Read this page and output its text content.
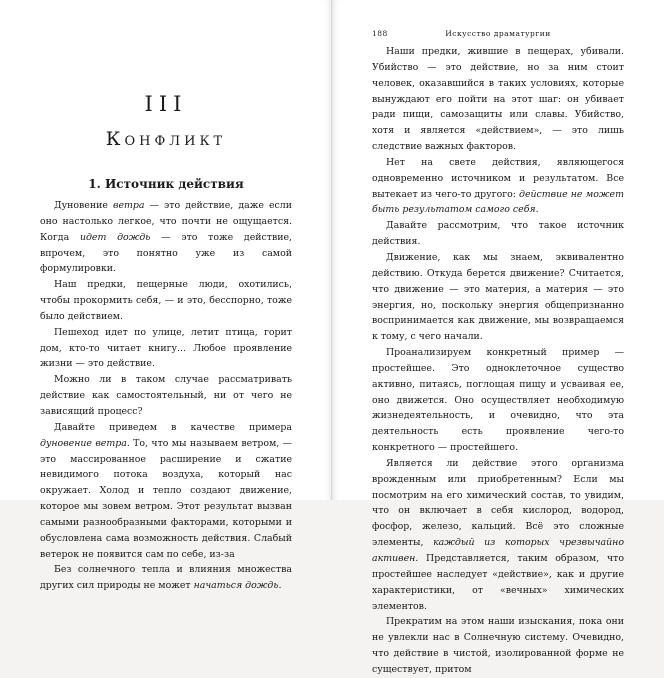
III
Конфликт
1. Источник действия

Дуновение ветра — это действие, даже если оно настолько легкое, что почти не ощущается. Когда идет дождь — это тоже действие, впрочем, это понятно уже из самой формулировки.

Наш предки, пещерные люди, охотились, чтобы прокормить себя, — и это, бесспорно, тоже было действием.

Пешеход идет по улице, летит птица, горит дом, кто-то читает книгу... Любое проявление жизни — это действие.

Можно ли в таком случае рассматривать действие как самостоятельный, ни от чего не зависящий процесс?

Давайте приведем в качестве примера дуновение ветра. То, что мы называем ветром, — это массированное расширение и сжатие невидимого потока воздуха, который нас окружает. Холод и тепло создают движение, которое мы зовем ветром. Этот результат вызван самыми разнообразными факторами, которыми и обусловлена сама возможность действия. Слабый ветерок не появится сам по себе, из-за

Без солнечного тепла и влияния множества других сил природы не может начаться дождь.

188	Искусство драматургии

Наши предки, жившие в пещерах, убивали. Убийство — это действие, но за ним стоит человек, оказавшийся в таких условиях, которые вынуждают его пойти на этот шаг: он убивает ради пищи, самозащиты или славы. Убийство, хотя и является «действием», — это лишь следствие важных факторов.

Нет на свете действия, являющегося одновременно источником и результатом. Все вытекает из чего-то другого: действие не может быть результатом самого себя.

Давайте рассмотрим, что такое источник действия.

Движение, как мы знаем, эквивалентно действию. Откуда берется движение? Считается, что движение — это материя, а материя — это энергия, но, поскольку энергия общепризнанно воспринимается как движение, мы возвращаемся к тому, с чего начали.

Проанализируем конкретный пример — простейшее. Это одноклеточное существо активно, питаясь, поглощая пищу и усваивая ее, оно движется. Оно осуществляет необходимую жизнедеятельность, и очевидно, что эта деятельность есть проявление чего-то конкретного — простейшего.

Является ли действие этого организма врожденным или приобретенным? Если мы посмотрим на его химический состав, то увидим, что он включает в себя кислород, водород, фосфор, железо, кальций. Всё это сложные элементы, каждый из которых чрезвычайно активен. Представляется, таким образом, что простейшее наследует «действие», как и другие характеристики, от «вечных» химических элементов.

Прекратим на этом наши изыскания, пока они не увлекли нас в Солнечную систему. Очевидно, что действие в чистой, изолированной форме не существует, притом
